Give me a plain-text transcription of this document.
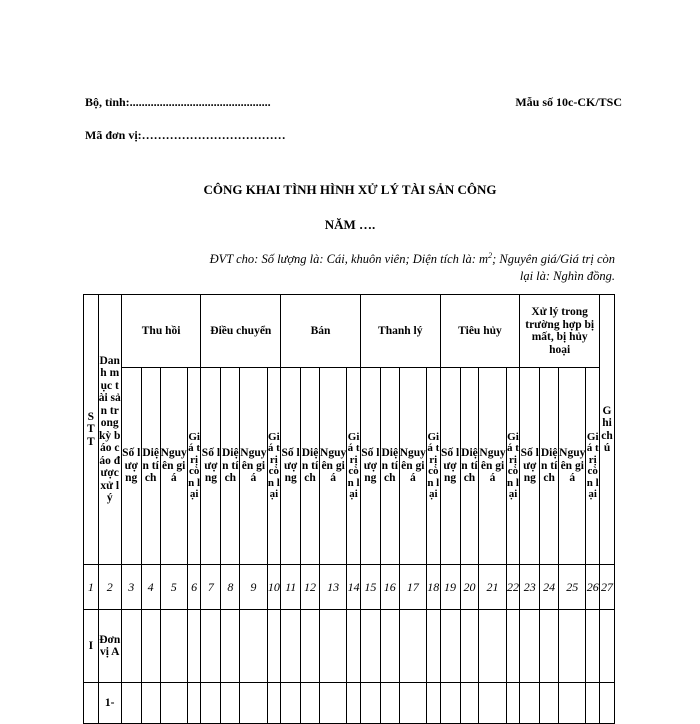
Bộ, tỉnh:...............................................	Mẫu số 10c-CK/TSC
Mã đơn vị:………………………………
CÔNG KHAI TÌNH HÌNH XỬ LÝ TÀI SẢN CÔNG
NĂM ….
ĐVT cho: Số lượng là: Cái, khuôn viên; Diện tích là: $m^2$; Nguyên giá/Giá trị còn lại là: Nghìn đồng.
STT	Danh mục tài sản trong kỳ báo cáo được xử lý	Thu hồi				Điều chuyển				Bán				Thanh lý				Tiêu hủy				Xử lý trong trường hợp bị mất, bị hủy hoại				Ghi chú
		Số lượng	Diện tích	Nguyên giá	Giá trị còn lại	Số lượng	Diện tích	Nguyên giá	Giá trị còn lại	Số lượng	Diện tích	Nguyên giá	Giá trị còn lại	Số lượng	Diện tích	Nguyên giá	Giá trị còn lại	Số lượng	Diện tích	Nguyên giá	Giá trị còn lại	Số lượng	Diện tích	Nguyên giá	Giá trị còn lại	
1	2	3	4	5	6	7	8	9	10	11	12	13	14	15	16	17	18	19	20	21	22	23	24	25	26	27
I	Đơn vị A																									
	1-																									
